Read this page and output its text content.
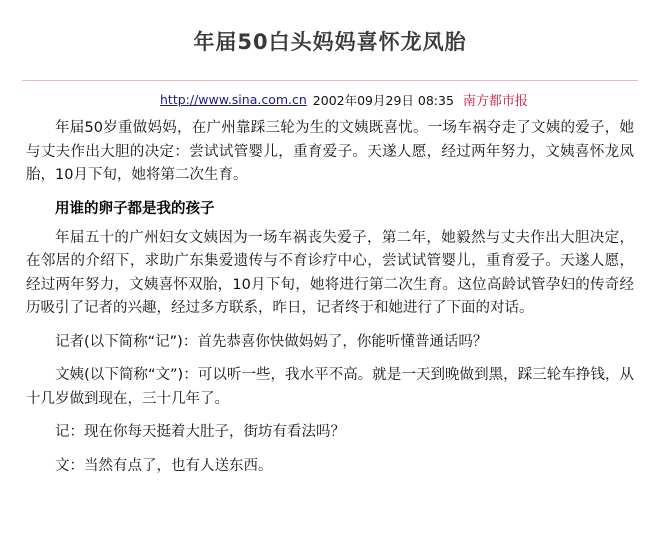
年届50白头妈妈喜怀龙凤胎
http://www.sina.com.cn 2002年09月29日 08:35 南方都市报

年届50岁重做妈妈，在广州靠踩三轮为生的文姨既喜忧。一场车祸夺走了文姨的爱子，她与丈夫作出大胆的决定：尝试试管婴儿，重育爱子。天遂人愿，经过两年努力，文姨喜怀龙凤胎，10月下旬，她将第二次生育。

用谁的卵子都是我的孩子

年届五十的广州妇女文姨因为一场车祸丧失爱子，第二年，她毅然与丈夫作出大胆决定，在邻居的介绍下，求助广东集爱遗传与不育诊疗中心，尝试试管婴儿，重育爱子。天遂人愿，经过两年努力，文姨喜怀双胎，10月下旬，她将进行第二次生育。这位高龄试管孕妇的传奇经历吸引了记者的兴趣，经过多方联系，昨日，记者终于和她进行了下面的对话。

记者(以下简称“记”)：首先恭喜你快做妈妈了，你能听懂普通话吗？

文姨(以下简称“文”)：可以听一些，我水平不高。就是一天到晚做到黑，踩三轮车挣钱，从十几岁做到现在，三十几年了。

记：现在你每天挺着大肚子，街坊有看法吗？

文：当然有点了，也有人送东西。
